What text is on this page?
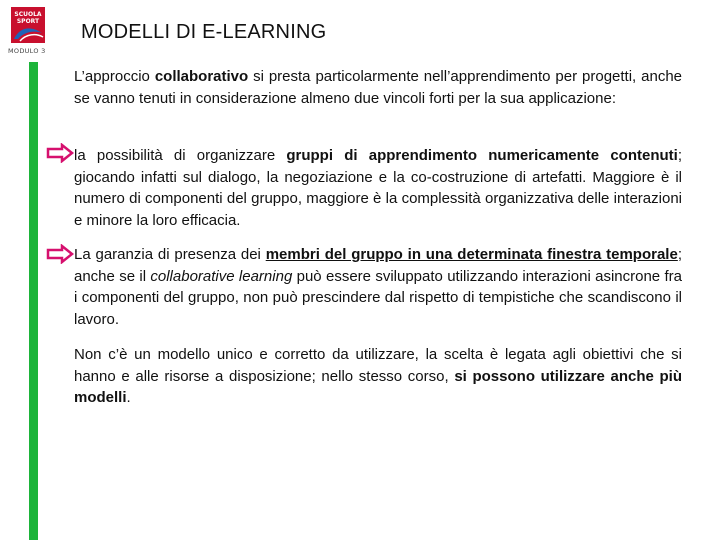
SCUOLA
SPORT
MODULO 3
MODELLI DI E-LEARNING
L’approccio collaborativo si presta particolarmente nell’apprendimento per progetti, anche se vanno tenuti in considerazione almeno due vincoli forti per la sua applicazione:
la possibilità di organizzare gruppi di apprendimento numericamente contenuti; giocando infatti sul dialogo, la negoziazione e la co-costruzione di artefatti. Maggiore è il numero di componenti del gruppo, maggiore è la complessità organizzativa delle interazioni e minore la loro efficacia.
La garanzia di presenza dei membri del gruppo in una determinata finestra temporale; anche se il collaborative learning può essere sviluppato utilizzando interazioni asincrone fra i componenti del gruppo, non può prescindere dal rispetto di tempistiche che scandiscono il lavoro.
Non c’è un modello unico e corretto da utilizzare, la scelta è legata agli obiettivi che si hanno e alle risorse a disposizione; nello stesso corso, si possono utilizzare anche più modelli.
